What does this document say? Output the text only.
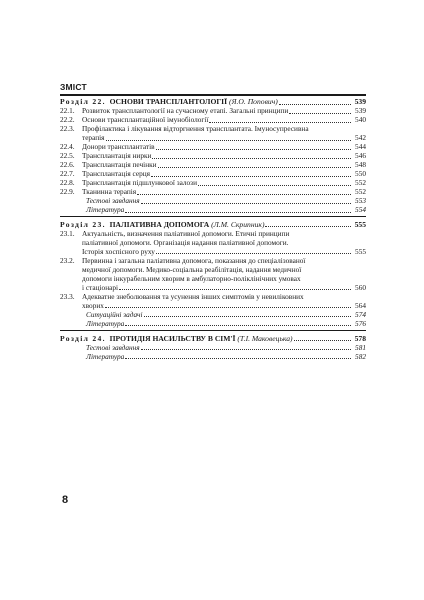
ЗМІСТ
Розділ 22. ОСНОВИ ТРАНСПЛАНТОЛОГІЇ (Я.О. Попович)	539
22.1. Розвиток трансплантології на сучасному етапі. Загальні принципи	539
22.2. Основи трансплантаційної імунобіології	540
22.3. Профілактика і лікування відторгнення трансплантата. Імуносупресивна
терапія	542
22.4. Донори трансплантатів	544
22.5. Трансплантація нирки	546
22.6. Трансплантація печінки	548
22.7. Трансплантація серця	550
22.8. Трансплантація підшлункової залози	552
22.9. Тканинна терапія	552
Тестові завдання	553
Література	554
Розділ 23. ПАЛІАТИВНА ДОПОМОГА (Л.М. Скрипник)	555
23.1. Актуальність, визначення паліативної допомоги. Етичні принципи
паліативної допомоги. Організація надання паліативної допомоги.
Історія хоспісного руху	555
23.2. Первинна і загальна паліативна допомога, показання до спеціалізованої
медичної допомоги. Медико-соціальна реабілітація, надання медичної
допомоги інкурабельним хворим в амбулаторно-поліклінічних умовах
і стаціонарі	560
23.3. Адекватне знеболювання та усунення інших симптомів у невиліковних
хворих	564
Ситуаційні задачі	574
Література	576
Розділ 24. ПРОТИДІЯ НАСИЛЬСТВУ В СІМ'Ї (Т.І. Маковецька)	578
Тестові завдання	581
Література	582
8
